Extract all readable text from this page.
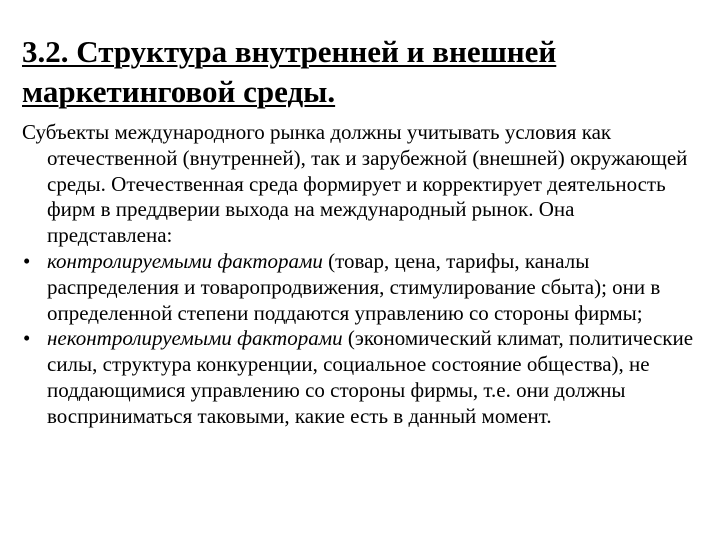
3.2. Структура внутренней и внешней маркетинговой среды.

Субъекты международного рынка должны учитывать условия как отечественной (внутренней), так и зарубежной (внешней) окружающей среды. Отечественная среда формирует и корректирует деятельность фирм в преддверии выхода на международный рынок. Она представлена:

• контролируемыми факторами (товар, цена, тарифы, каналы распределения и товаропродвижения, стимулирование сбыта); они в определенной степени поддаются управлению со стороны фирмы;

• неконтролируемыми факторами (экономический климат, политические силы, структура конкуренции, социальное состояние общества), не поддающимися управлению со стороны фирмы, т.е. они должны восприниматься таковыми, какие есть в данный момент.
